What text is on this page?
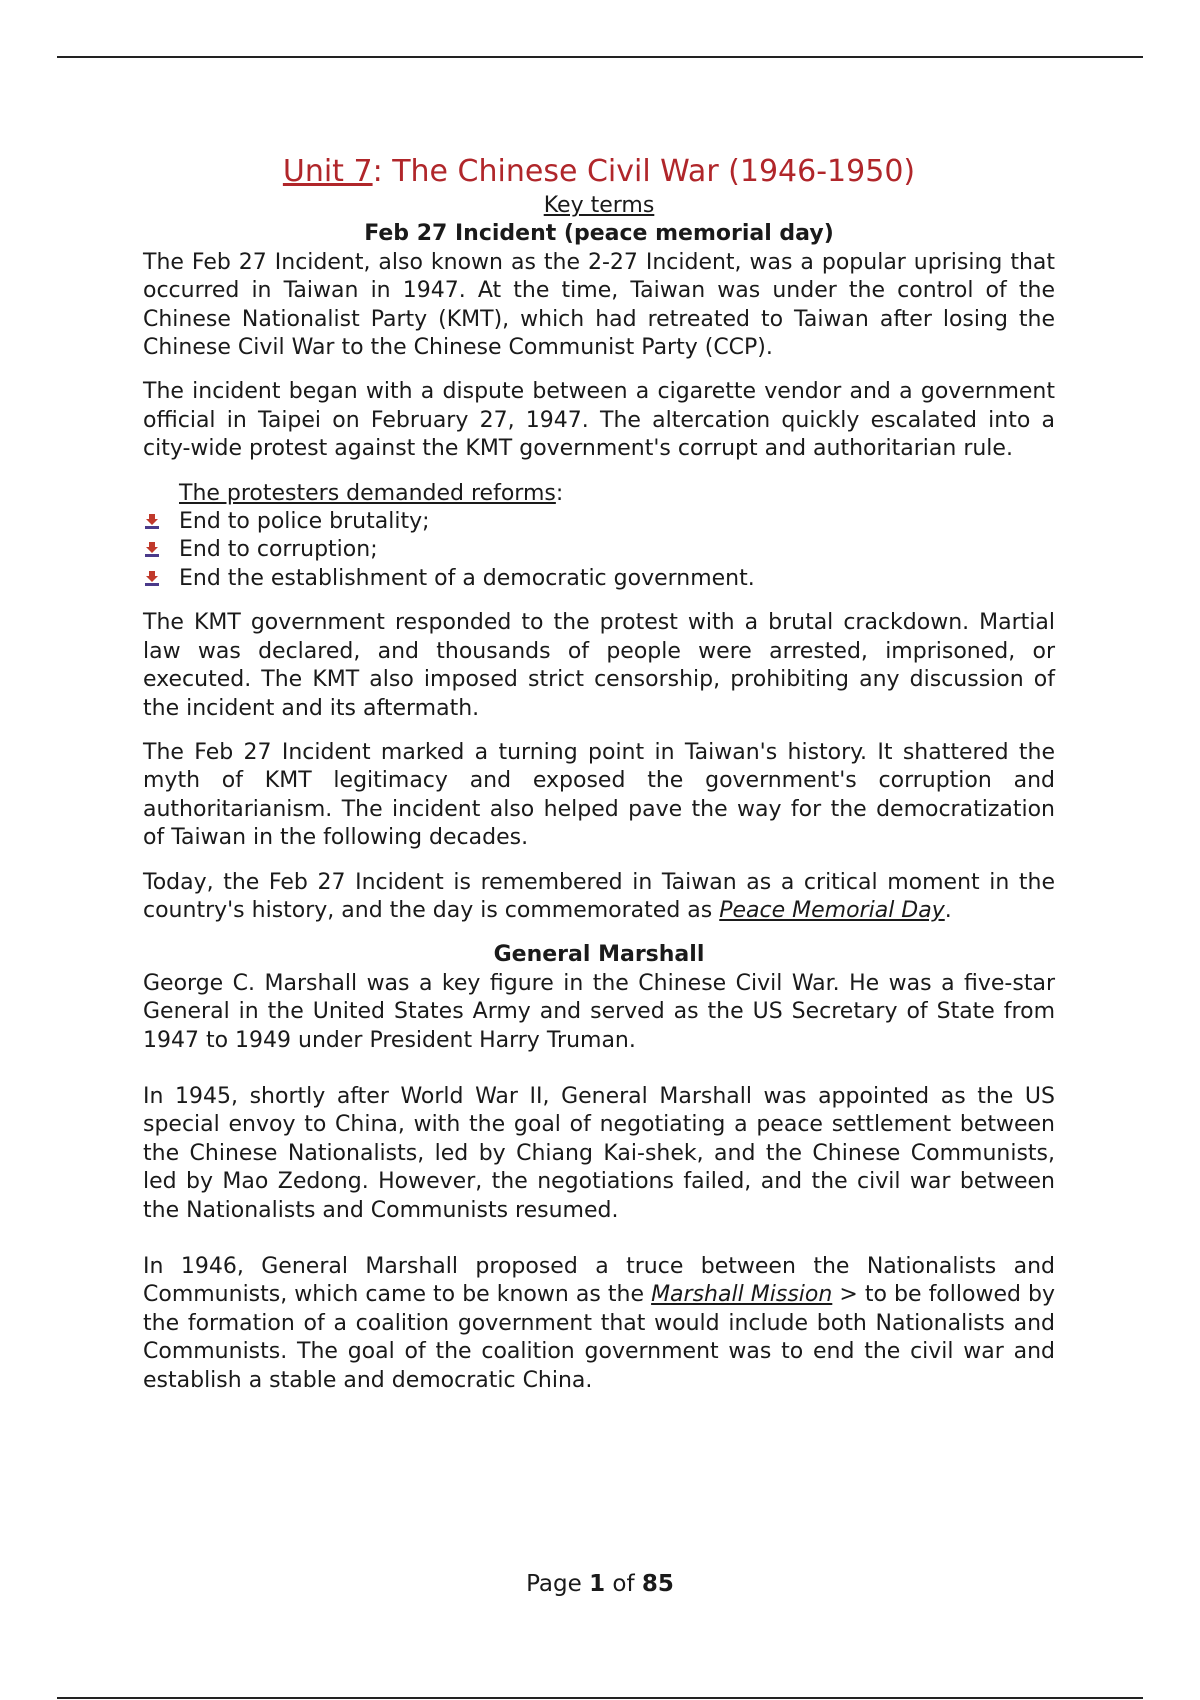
Unit 7: The Chinese Civil War (1946-1950)
Key terms
Feb 27 Incident (peace memorial day)

The Feb 27 Incident, also known as the 2-27 Incident, was a popular uprising that occurred in Taiwan in 1947. At the time, Taiwan was under the control of the Chinese Nationalist Party (KMT), which had retreated to Taiwan after losing the Chinese Civil War to the Chinese Communist Party (CCP).

The incident began with a dispute between a cigarette vendor and a government official in Taipei on February 27, 1947. The altercation quickly escalated into a city-wide protest against the KMT government's corrupt and authoritarian rule.

The protesters demanded reforms:
End to police brutality;
End to corruption;
End the establishment of a democratic government.

The KMT government responded to the protest with a brutal crackdown. Martial law was declared, and thousands of people were arrested, imprisoned, or executed. The KMT also imposed strict censorship, prohibiting any discussion of the incident and its aftermath.

The Feb 27 Incident marked a turning point in Taiwan's history. It shattered the myth of KMT legitimacy and exposed the government's corruption and authoritarianism. The incident also helped pave the way for the democratization of Taiwan in the following decades.

Today, the Feb 27 Incident is remembered in Taiwan as a critical moment in the country's history, and the day is commemorated as Peace Memorial Day.

General Marshall

George C. Marshall was a key figure in the Chinese Civil War. He was a five-star General in the United States Army and served as the US Secretary of State from 1947 to 1949 under President Harry Truman.

In 1945, shortly after World War II, General Marshall was appointed as the US special envoy to China, with the goal of negotiating a peace settlement between the Chinese Nationalists, led by Chiang Kai-shek, and the Chinese Communists, led by Mao Zedong. However, the negotiations failed, and the civil war between the Nationalists and Communists resumed.

In 1946, General Marshall proposed a truce between the Nationalists and Communists, which came to be known as the Marshall Mission > to be followed by the formation of a coalition government that would include both Nationalists and Communists. The goal of the coalition government was to end the civil war and establish a stable and democratic China.

Page 1 of 85
